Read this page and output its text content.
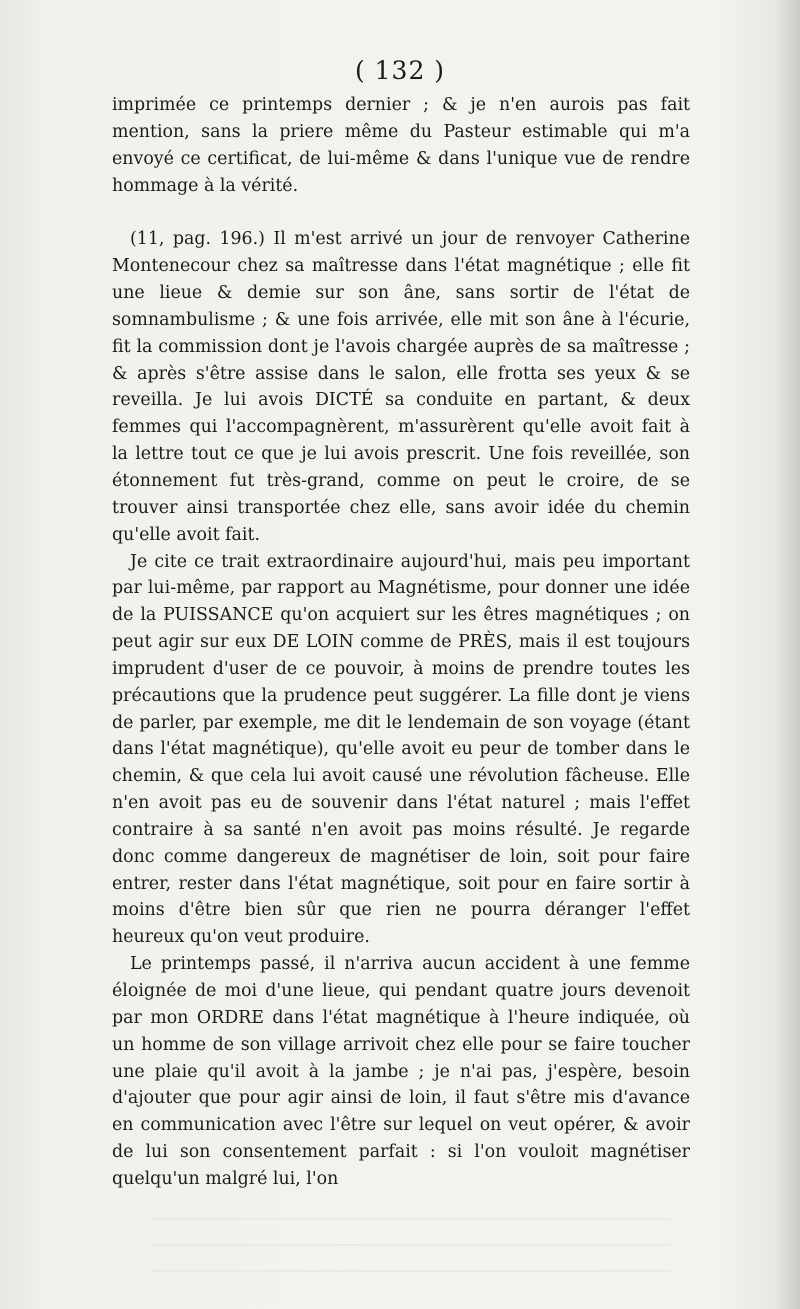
( 132 )

imprimée ce printemps dernier ; & je n'en aurois pas fait mention, sans la priere même du Pasteur estimable qui m'a envoyé ce certificat, de lui-même & dans l'unique vue de rendre hommage à la vérité.

(11, pag. 196.) Il m'est arrivé un jour de renvoyer Catherine Montenecour chez sa maîtresse dans l'état magnétique ; elle fit une lieue & demie sur son âne, sans sortir de l'état de somnambulisme ; & une fois arrivée, elle mit son âne à l'écurie, fit la commission dont je l'avois chargée auprès de sa maîtresse ; & après s'être assise dans le salon, elle frotta ses yeux & se reveilla. Je lui avois DICTÉ sa conduite en partant, & deux femmes qui l'accompagnèrent, m'assurèrent qu'elle avoit fait à la lettre tout ce que je lui avois prescrit. Une fois reveillée, son étonnement fut très-grand, comme on peut le croire, de se trouver ainsi transportée chez elle, sans avoir idée du chemin qu'elle avoit fait.

Je cite ce trait extraordinaire aujourd'hui, mais peu important par lui-même, par rapport au Magnétisme, pour donner une idée de la PUISSANCE qu'on acquiert sur les êtres magnétiques ; on peut agir sur eux DE LOIN comme de PRÈS, mais il est toujours imprudent d'user de ce pouvoir, à moins de prendre toutes les précautions que la prudence peut suggérer. La fille dont je viens de parler, par exemple, me dit le lendemain de son voyage (étant dans l'état magnétique), qu'elle avoit eu peur de tomber dans le chemin, & que cela lui avoit causé une révolution fâcheuse. Elle n'en avoit pas eu de souvenir dans l'état naturel ; mais l'effet contraire à sa santé n'en avoit pas moins résulté. Je regarde donc comme dangereux de magnétiser de loin, soit pour faire entrer, rester dans l'état magnétique, soit pour en faire sortir à moins d'être bien sûr que rien ne pourra déranger l'effet heureux qu'on veut produire.

Le printemps passé, il n'arriva aucun accident à une femme éloignée de moi d'une lieue, qui pendant quatre jours devenoit par mon ORDRE dans l'état magnétique à l'heure indiquée, où un homme de son village arrivoit chez elle pour se faire toucher une plaie qu'il avoit à la jambe ; je n'ai pas, j'espère, besoin d'ajouter que pour agir ainsi de loin, il faut s'être mis d'avance en communication avec l'être sur lequel on veut opérer, & avoir de lui son consentement parfait : si l'on vouloit magnétiser quelqu'un malgré lui, l'on
